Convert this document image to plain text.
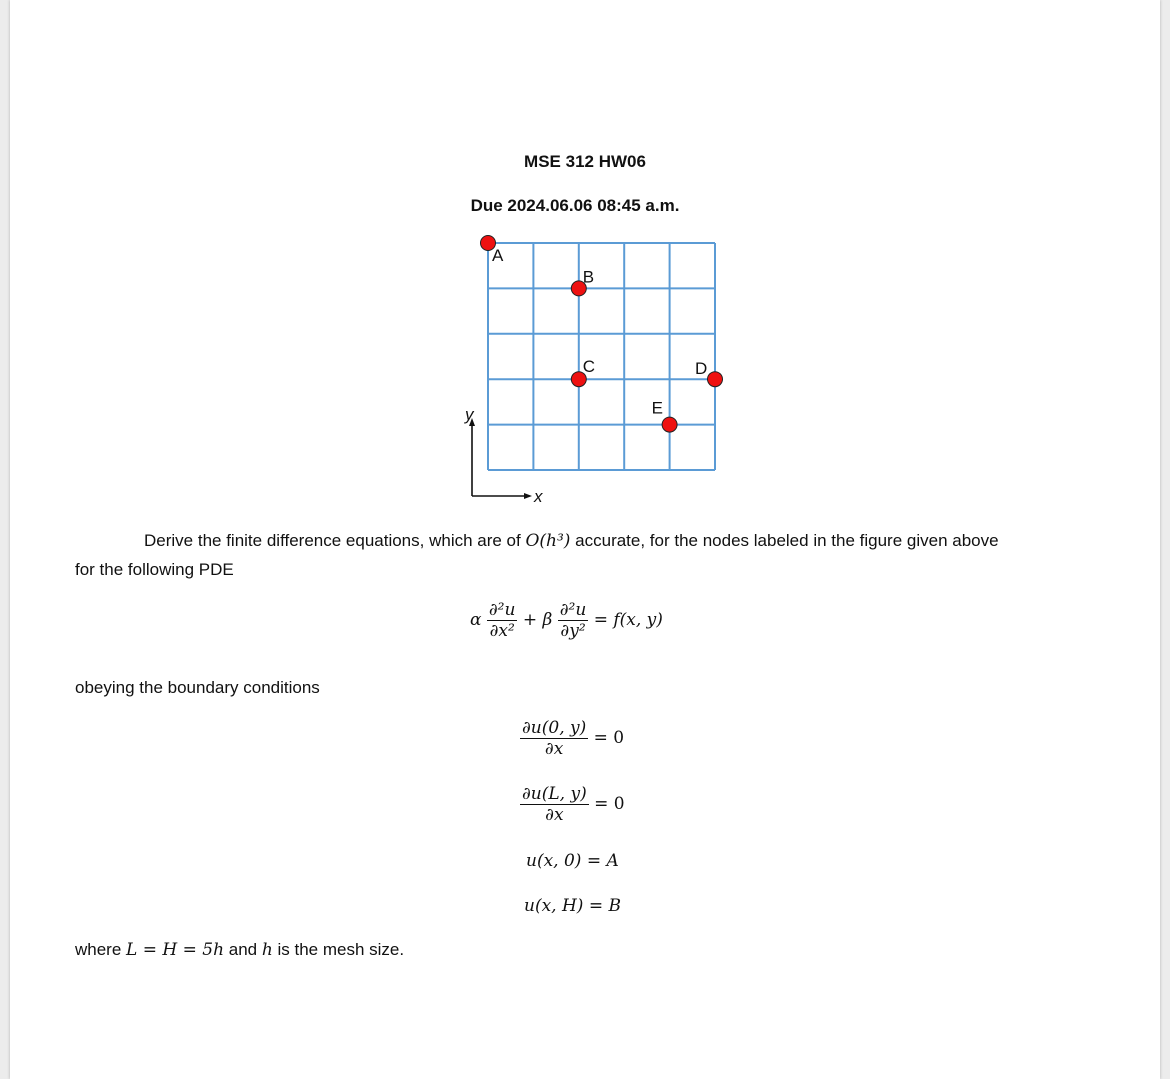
MSE 312 HW06
Due 2024.06.06 08:45 a.m.
x
y
A
B
C	D
E
Derive the finite difference equations, which are of O(h³) accurate, for the nodes labeled in the figure given above
for the following PDE
α $\frac{\text{∂²u}}{\text{∂x²}} + \beta \frac{\text{∂²u}}{\text{∂y²}} = f(x$, y)
obeying the boundary conditions
$\frac{\partial u(0, y)}{\partial x} = 0$
$\frac{\partial u(L, y)}{\partial x} = 0$
u(x, 0) = A
u(x, H) = B
where L = H = 5h and h is the mesh size.
